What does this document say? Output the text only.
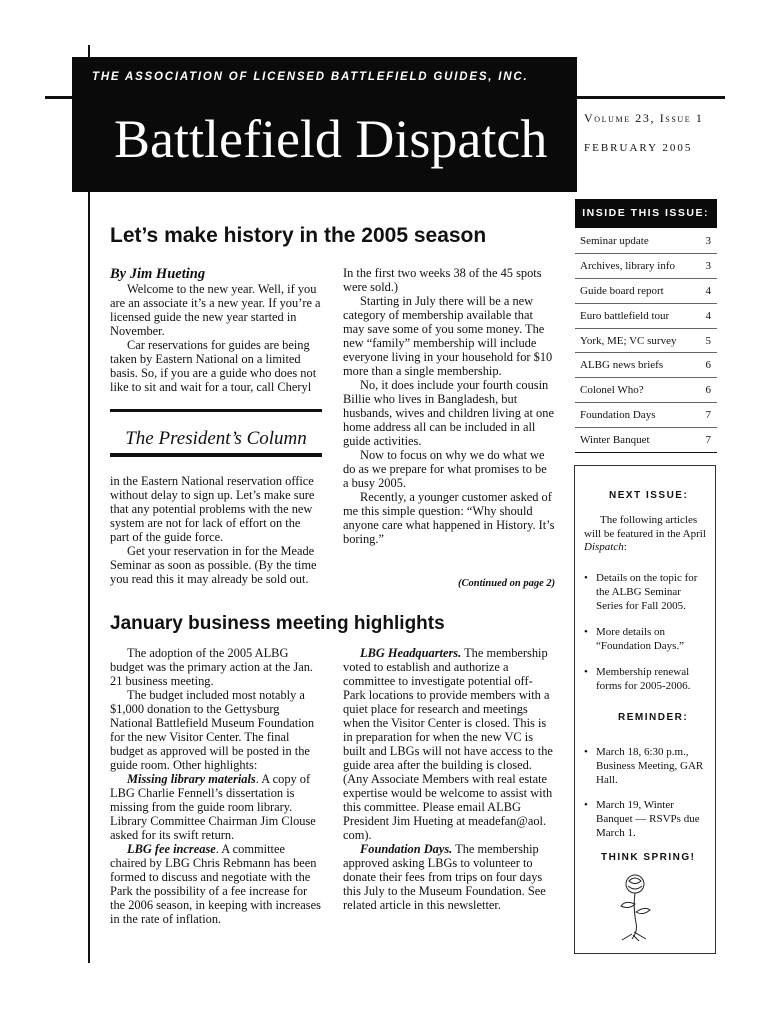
THE ASSOCIATION OF LICENSED BATTLEFIELD GUIDES, INC.
Battlefield Dispatch	Volume 23, Issue 1
FEBRUARY 2005
INSIDE THIS ISSUE:
Seminar update	3
Archives, library info	3
Guide board report	4
Euro battlefield tour	4
York, ME; VC survey	5
ALBG news briefs	6
Colonel Who?	6
Foundation Days	7
Winter Banquet	7
NEXT ISSUE:
The following articles will be featured in the April Dispatch:
• Details on the topic for the ALBG Seminar Series for Fall 2005.
• More details on “Foundation Days.”
• Membership renewal forms for 2005-2006.
REMINDER:
• March 18, 6:30 p.m., Business Meeting, GAR Hall.
• March 19, Winter Banquet — RSVPs due March 1.
THINK SPRING!
Let’s make history in the 2005 season

By Jim Hueting

Welcome to the new year. Well, if you are an associate it’s a new year. If you’re a licensed guide the new year started in November.

Car reservations for guides are being taken by Eastern National on a limited basis. So, if you are a guide who does not like to sit and wait for a tour, call Cheryl

The President’s Column

in the Eastern National reservation office without delay to sign up. Let’s make sure that any potential problems with the new system are not for lack of effort on the part of the guide force.

Get your reservation in for the Meade Seminar as soon as possible. (By the time you read this it may already be sold out.

In the first two weeks 38 of the 45 spots were sold.)

Starting in July there will be a new category of membership available that may save some of you some money. The new “family” membership will include everyone living in your household for $10 more than a single membership.

No, it does include your fourth cousin Billie who lives in Bangladesh, but husbands, wives and children living at one home address all can be included in all guide activities.

Now to focus on why we do what we do as we prepare for what promises to be a busy 2005.

Recently, a younger customer asked of me this simple question: “Why should anyone care what happened in History. It’s boring.”

(Continued on page 2)
January business meeting highlights

The adoption of the 2005 ALBG budget was the primary action at the Jan. 21 business meeting.

The budget included most notably a $1,000 donation to the Gettysburg National Battlefield Museum Foundation for the new Visitor Center. The final budget as approved will be posted in the guide room. Other highlights:

Missing library materials. A copy of LBG Charlie Fennell’s dissertation is missing from the guide room library. Library Committee Chairman Jim Clouse asked for its swift return.

LBG fee increase. A committee chaired by LBG Chris Rebmann has been formed to discuss and negotiate with the Park the possibility of a fee increase for the 2006 season, in keeping with increases in the rate of inflation.

LBG Headquarters. The membership voted to establish and authorize a committee to investigate potential off-Park locations to provide members with a quiet place for research and meetings when the Visitor Center is closed. This is in preparation for when the new VC is built and LBGs will not have access to the guide area after the building is closed. (Any Associate Members with real estate expertise would be welcome to assist with this committee. Please email ALBG President Jim Hueting at meadefan@aol. com).

Foundation Days. The membership approved asking LBGs to volunteer to donate their fees from trips on four days this July to the Museum Foundation. See related article in this newsletter.
